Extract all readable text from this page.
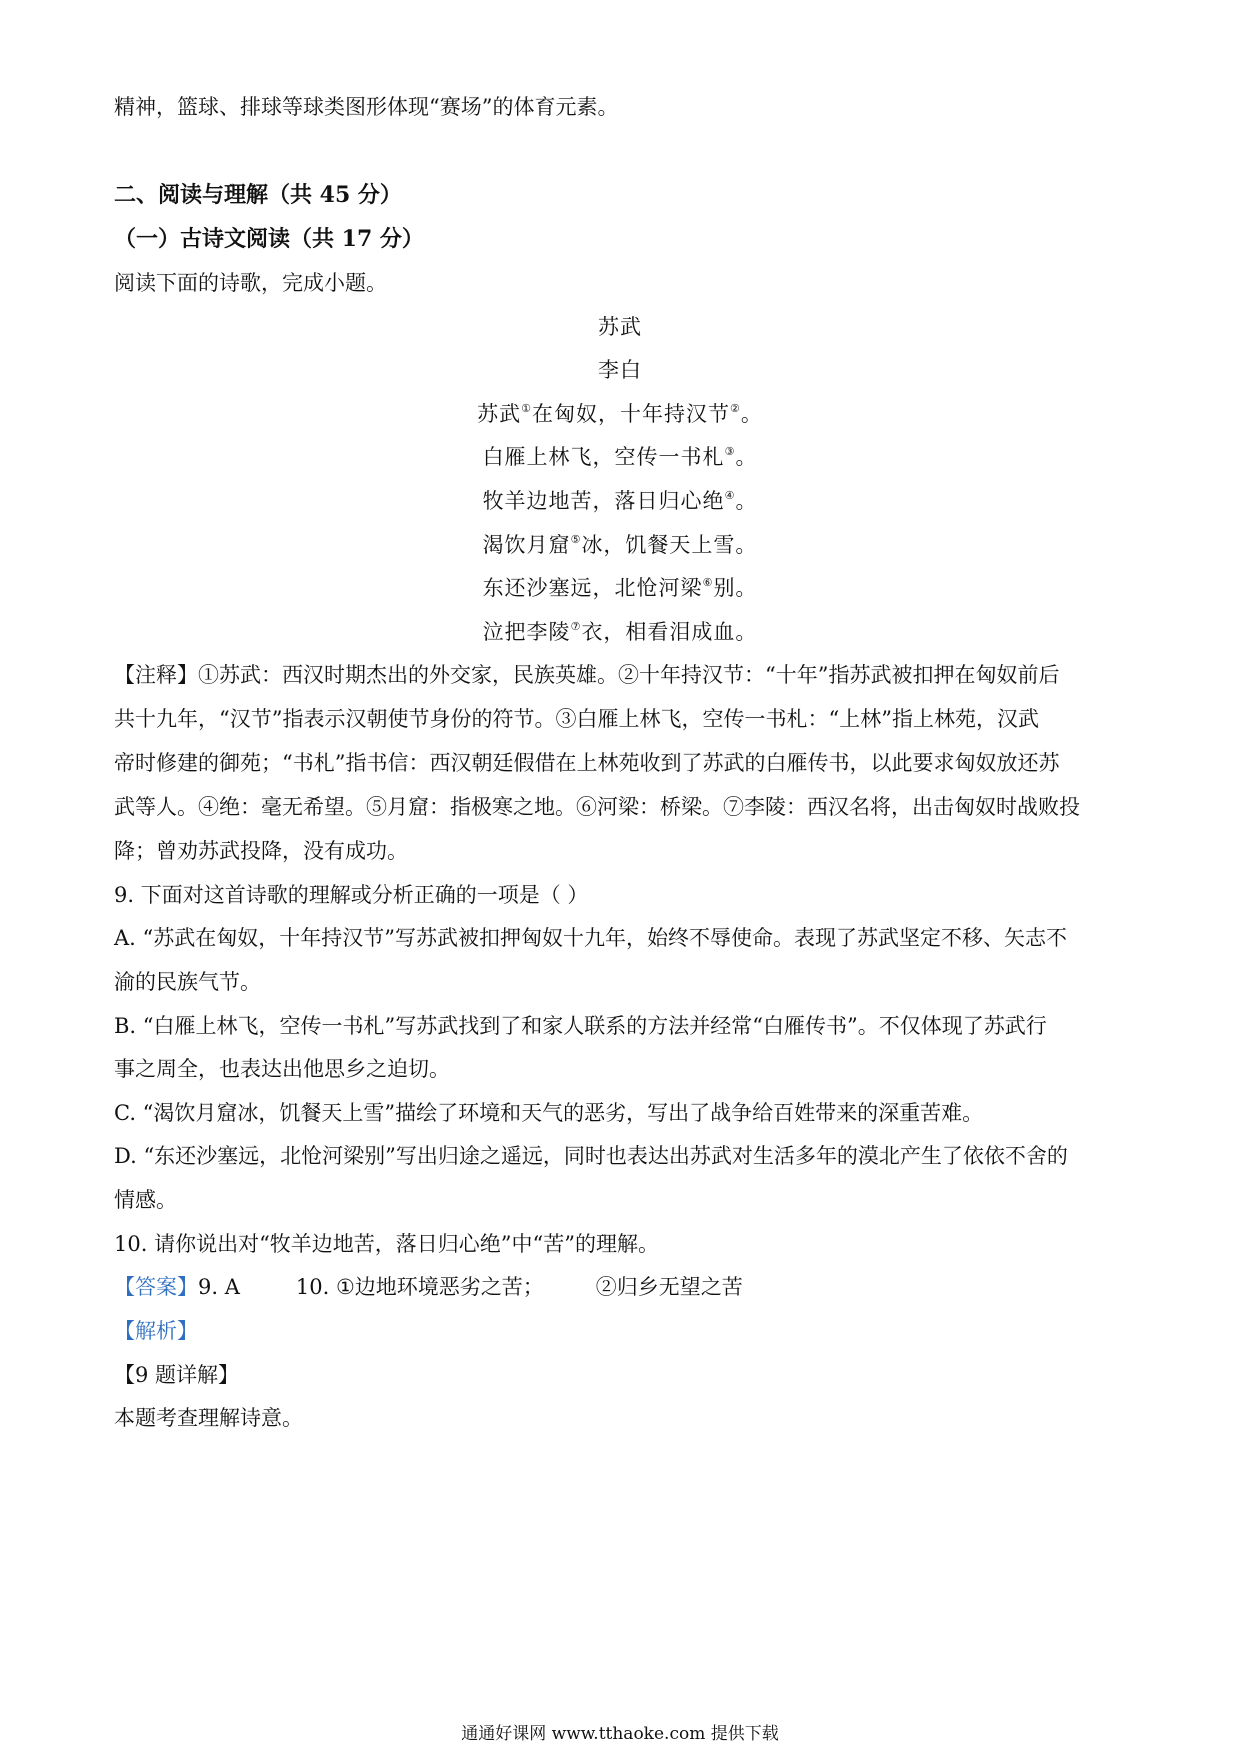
精神，篮球、排球等球类图形体现“赛场”的体育元素。
二、阅读与理解（共 45 分）
（一）古诗文阅读（共 17 分）
阅读下面的诗歌，完成小题。
苏武
李白
苏武①在匈奴，十年持汉节②。
白雁上林飞，空传一书札③。
牧羊边地苦，落日归心绝④。
渴饮月窟⑤冰，饥餐天上雪。
东还沙塞远，北怆河梁⑥别。
泣把李陵⑦衣，相看泪成血。
【注释】①苏武：西汉时期杰出的外交家，民族英雄。②十年持汉节：“十年”指苏武被扣押在匈奴前后
共十九年，“汉节”指表示汉朝使节身份的符节。③白雁上林飞，空传一书札：“上林”指上林苑，汉武
帝时修建的御苑；“书札”指书信：西汉朝廷假借在上林苑收到了苏武的白雁传书，以此要求匈奴放还苏
武等人。④绝：毫无希望。⑤月窟：指极寒之地。⑥河梁：桥梁。⑦李陵：西汉名将，出击匈奴时战败投
降；曾劝苏武投降，没有成功。
9. 下面对这首诗歌的理解或分析正确的一项是（ ）
A. “苏武在匈奴，十年持汉节”写苏武被扣押匈奴十九年，始终不辱使命。表现了苏武坚定不移、矢志不
渝的民族气节。
B. “白雁上林飞，空传一书札”写苏武找到了和家人联系的方法并经常“白雁传书”。不仅体现了苏武行
事之周全，也表达出他思乡之迫切。
C. “渴饮月窟冰，饥餐天上雪”描绘了环境和天气的恶劣，写出了战争给百姓带来的深重苦难。
D. “东还沙塞远，北怆河梁别”写出归途之遥远，同时也表达出苏武对生活多年的漠北产生了依依不舍的
情感。
10. 请你说出对“牧羊边地苦，落日归心绝”中“苦”的理解。
【答案】9. A	10. ①边地环境恶劣之苦； ②归乡无望之苦
【解析】
【9 题详解】
本题考查理解诗意。
通通好课网 www.tthaoke.com 提供下载
